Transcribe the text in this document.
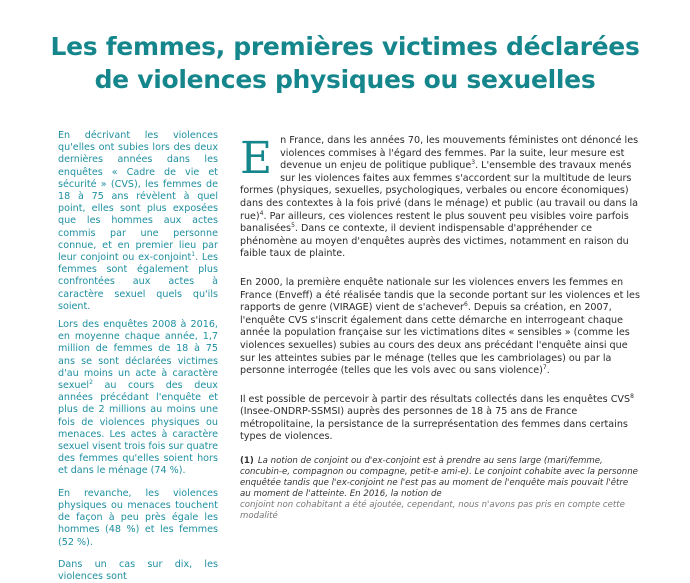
Les femmes, premières victimes déclarées
de violences physiques ou sexuelles

En décrivant les violences qu'elles ont subies lors des deux dernières années dans les enquêtes « Cadre de vie et sécurité » (CVS), les femmes de 18 à 75 ans révèlent à quel point, elles sont plus exposées que les hommes aux actes commis par une personne connue, et en premier lieu par leur conjoint ou ex-conjoint$^1$. Les femmes sont également plus confrontées aux actes à caractère sexuel quels qu'ils soient.

Lors des enquêtes 2008 à 2016, en moyenne chaque année, 1,7 million de femmes de 18 à 75 ans se sont déclarées victimes d'au moins un acte à caractère sexuel$^2$ au cours des deux années précédant l'enquête et plus de 2 millions au moins une fois de violences physiques ou menaces. Les actes à caractère sexuel visent trois fois sur quatre des femmes qu'elles soient hors et dans le ménage (74 %).

En revanche, les violences physiques ou menaces touchent de façon à peu près égale les hommes (48 %) et les femmes (52 %).

Dans un cas sur dix, les violences sont

En France, dans les années 70, les mouvements féministes ont dénoncé les violences commises à l'égard des femmes. Par la suite, leur mesure est devenue un enjeu de politique publique$^3$. L'ensemble des travaux menés sur les violences faites aux femmes s'accordent sur la multitude de leurs formes (physiques, sexuelles, psychologiques, verbales ou encore économiques) dans des contextes à la fois privé (dans le ménage) et public (au travail ou dans la rue)$^4$. Par ailleurs, ces violences restent le plus souvent peu visibles voire parfois banalisées$^5$. Dans ce contexte, il devient indispensable d'appréhender ce phénomène au moyen d'enquêtes auprès des victimes, notamment en raison du faible taux de plainte.

En 2000, la première enquête nationale sur les violences envers les femmes en France (Enveff) a été réalisée tandis que la seconde portant sur les violences et les rapports de genre (VIRAGE) vient de s'achever$^6$. Depuis sa création, en 2007, l'enquête CVS s'inscrit également dans cette démarche en interrogeant chaque année la population française sur les victimations dites « sensibles » (comme les violences sexuelles) subies au cours des deux ans précédant l'enquête ainsi que sur les atteintes subies par le ménage (telles que les cambriolages) ou par la personne interrogée (telles que les vols avec ou sans violence)$^7$.

Il est possible de percevoir à partir des résultats collectés dans les enquêtes CVS$^8$ (Insee-ONDRP-SSMSI) auprès des personnes de 18 à 75 ans de France métropolitaine, la persistance de la surreprésentation des femmes dans certains types de violences.

(1) La notion de conjoint ou d'ex-conjoint est à prendre au sens large (mari/femme, concubin-e, compagnon ou compagne, petit-e ami-e). Le conjoint cohabite avec la personne enquêtée tandis que l'ex-conjoint ne l'est pas au moment de l'enquête mais pouvait l'être au moment de l'atteinte. En 2016, la notion de
conjoint non cohabitant a été ajoutée, cependant, nous n'avons pas pris en compte cette modalité
